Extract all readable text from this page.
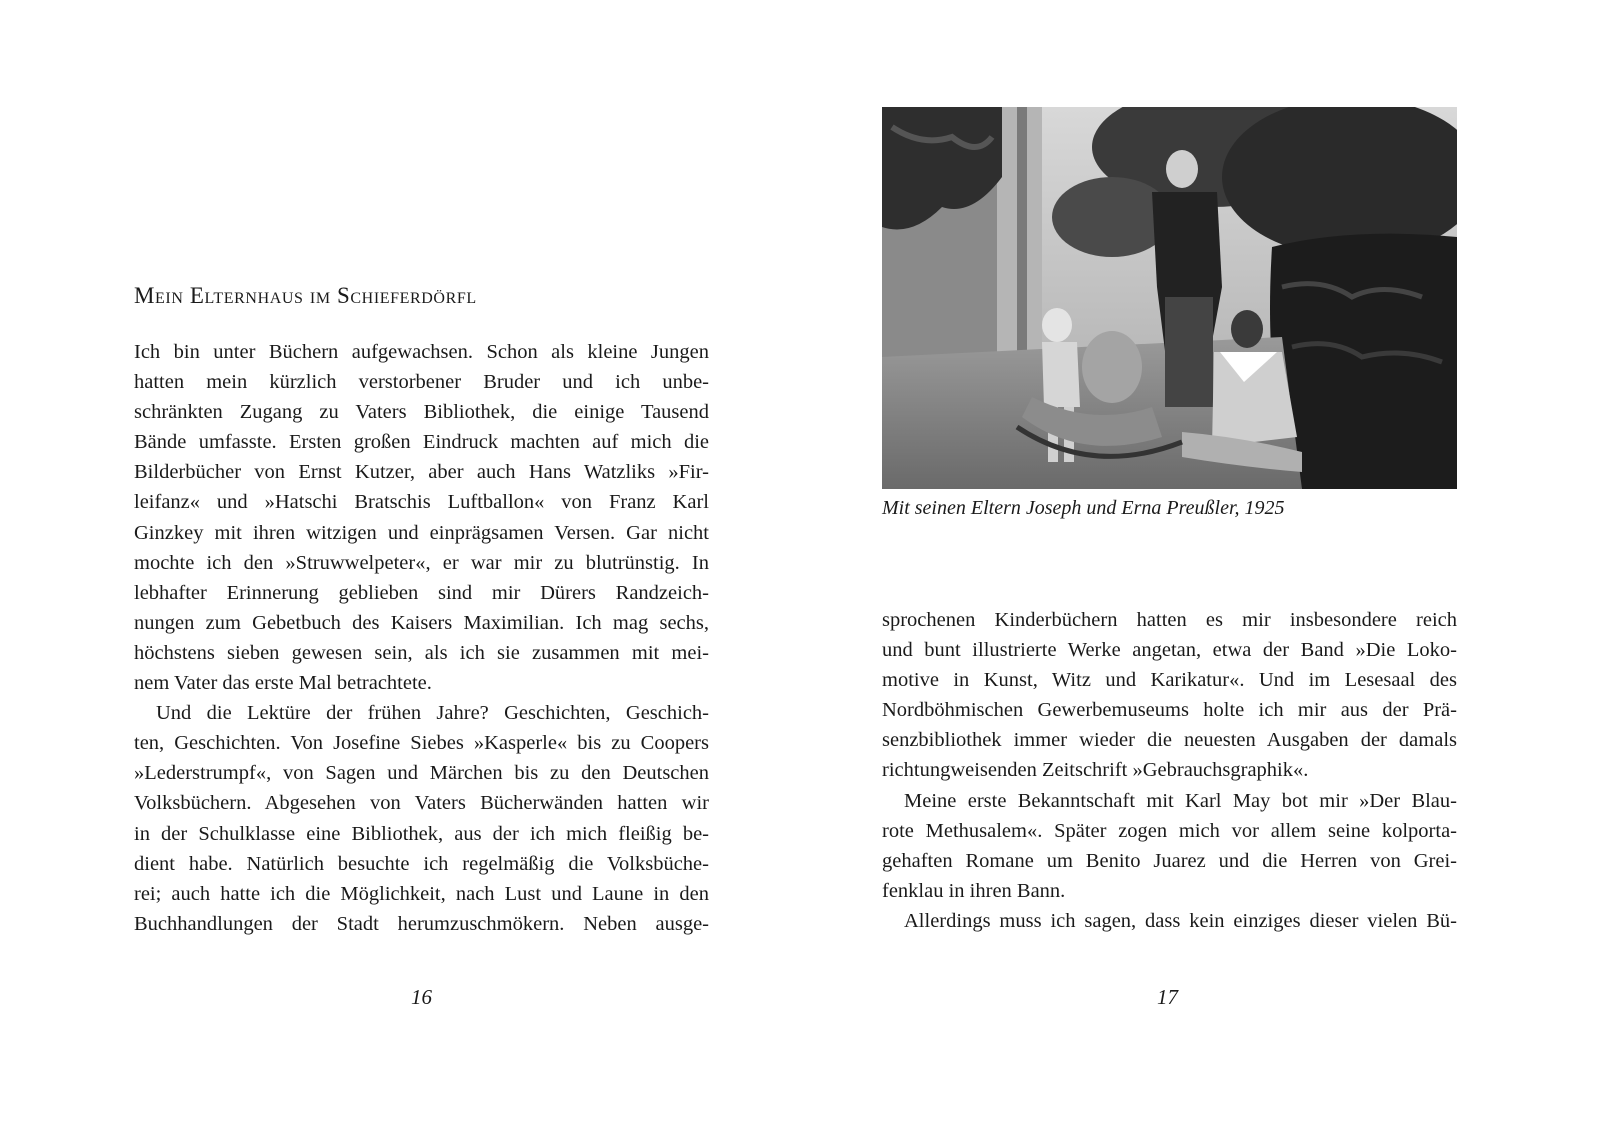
Mein Elternhaus im Schieferdörfl
Ich bin unter Büchern aufgewachsen. Schon als kleine Jungen
hatten mein kürzlich verstorbener Bruder und ich unbe-
schränkten Zugang zu Vaters Bibliothek, die einige Tausend
Bände umfasste. Ersten großen Eindruck machten auf mich die
Bilderbücher von Ernst Kutzer, aber auch Hans Watzliks »Fir-
leifanz« und »Hatschi Bratschis Luftballon« von Franz Karl
Ginzkey mit ihren witzigen und einprägsamen Versen. Gar nicht
mochte ich den »Struwwelpeter«, er war mir zu blutrünstig. In
lebhafter Erinnerung geblieben sind mir Dürers Randzeich-
nungen zum Gebetbuch des Kaisers Maximilian. Ich mag sechs,
höchstens sieben gewesen sein, als ich sie zusammen mit mei-
nem Vater das erste Mal betrachtete.
Und die Lektüre der frühen Jahre? Geschichten, Geschich-
ten, Geschichten. Von Josefine Siebes »Kasperle« bis zu Coopers
»Lederstrumpf«, von Sagen und Märchen bis zu den Deutschen
Volksbüchern. Abgesehen von Vaters Bücherwänden hatten wir
in der Schulklasse eine Bibliothek, aus der ich mich fleißig be-
dient habe. Natürlich besuchte ich regelmäßig die Volksbüche-
rei; auch hatte ich die Möglichkeit, nach Lust und Laune in den
Buchhandlungen der Stadt herumzuschmökern. Neben ausge-
16
Mit seinen Eltern Joseph und Erna Preußler, 1925
sprochenen Kinderbüchern hatten es mir insbesondere reich
und bunt illustrierte Werke angetan, etwa der Band »Die Loko-
motive in Kunst, Witz und Karikatur«. Und im Lesesaal des
Nordböhmischen Gewerbemuseums holte ich mir aus der Prä-
senzbibliothek immer wieder die neuesten Ausgaben der damals
richtungweisenden Zeitschrift »Gebrauchsgraphik«.
Meine erste Bekanntschaft mit Karl May bot mir »Der Blau-
rote Methusalem«. Später zogen mich vor allem seine kolporta-
gehaften Romane um Benito Juarez und die Herren von Grei-
fenklau in ihren Bann.
Allerdings muss ich sagen, dass kein einziges dieser vielen Bü-
17
